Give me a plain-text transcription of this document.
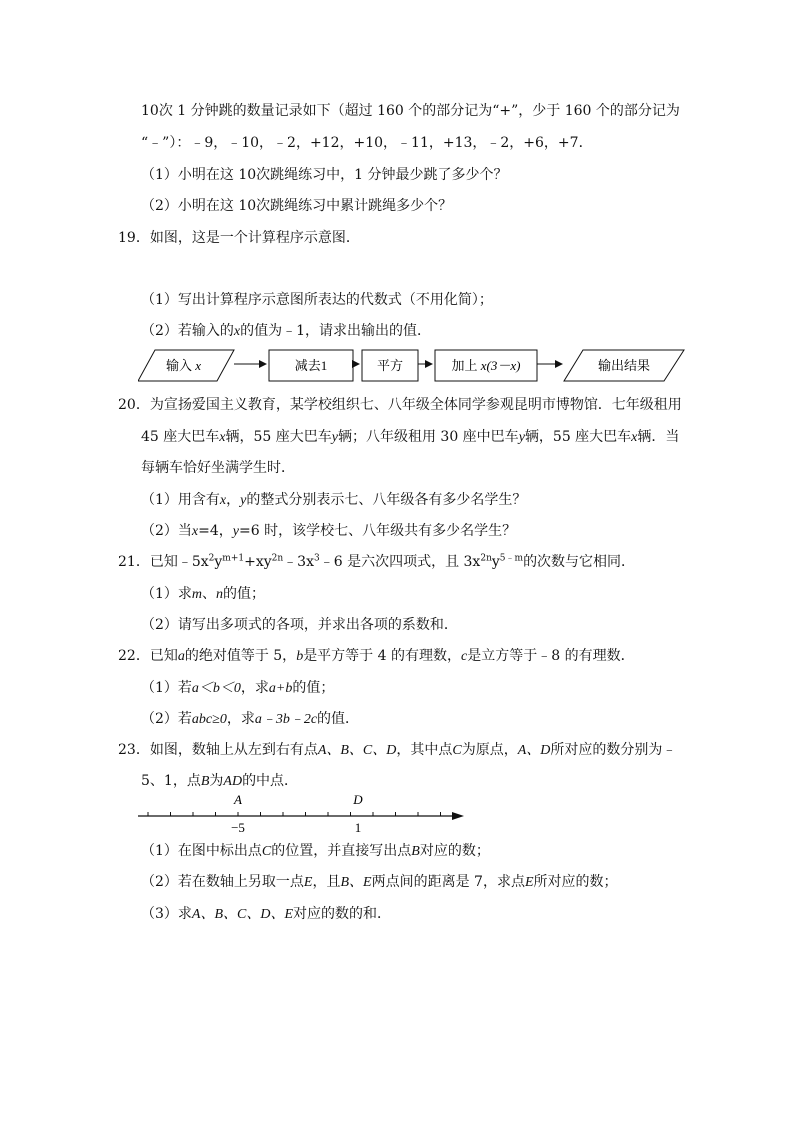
10次 1 分钟跳的数量记录如下（超过 160 个的部分记为“+”，少于 160 个的部分记为
“﹣”）：﹣9，﹣10，﹣2，+12，+10，﹣11，+13，﹣2，+6，+7．
（1）小明在这 10次跳绳练习中，1 分钟最少跳了多少个？
（2）小明在这 10次跳绳练习中累计跳绳多少个？
19．如图，这是一个计算程序示意图．
（1）写出计算程序示意图所表达的代数式（不用化简）；
（2）若输入的x的值为﹣1，请求出输出的值．
输入 x	减去1	平方	加上 x(3－x)	输出结果
20．为宣扬爱国主义教育，某学校组织七、八年级全体同学参观昆明市博物馆．七年级租用
45 座大巴车x辆，55 座大巴车y辆；八年级租用 30 座中巴车y辆，55 座大巴车x辆．当
每辆车恰好坐满学生时．
（1）用含有x，y的整式分别表示七、八年级各有多少名学生？
（2）当x=4，y=6 时，该学校七、八年级共有多少名学生？
21．已知$﹣5x^2y^{m+1}+xy^{2n}﹣3x^3﹣6$ 是六次四项式，且 $3x^{2n}y^{5﹣m}$的次数与它相同．
（1）求m、n的值；
（2）请写出多项式的各项，并求出各项的系数和．
22．已知a的绝对值等于 5，b是平方等于 4 的有理数，c是立方等于﹣8 的有理数．
（1）若a＜b＜0，求a+b的值；
（2）若abc≥0，求a﹣3b﹣2c的值．
23．如图，数轴上从左到右有点A、B、C、D，其中点C为原点，A、D所对应的数分别为﹣
5、1，点B为AD的中点．
A	D
−5	1
（1）在图中标出点C的位置，并直接写出点B对应的数；
（2）若在数轴上另取一点E，且B、E两点间的距离是 7，求点E所对应的数；
（3）求A、B、C、D、E对应的数的和．
